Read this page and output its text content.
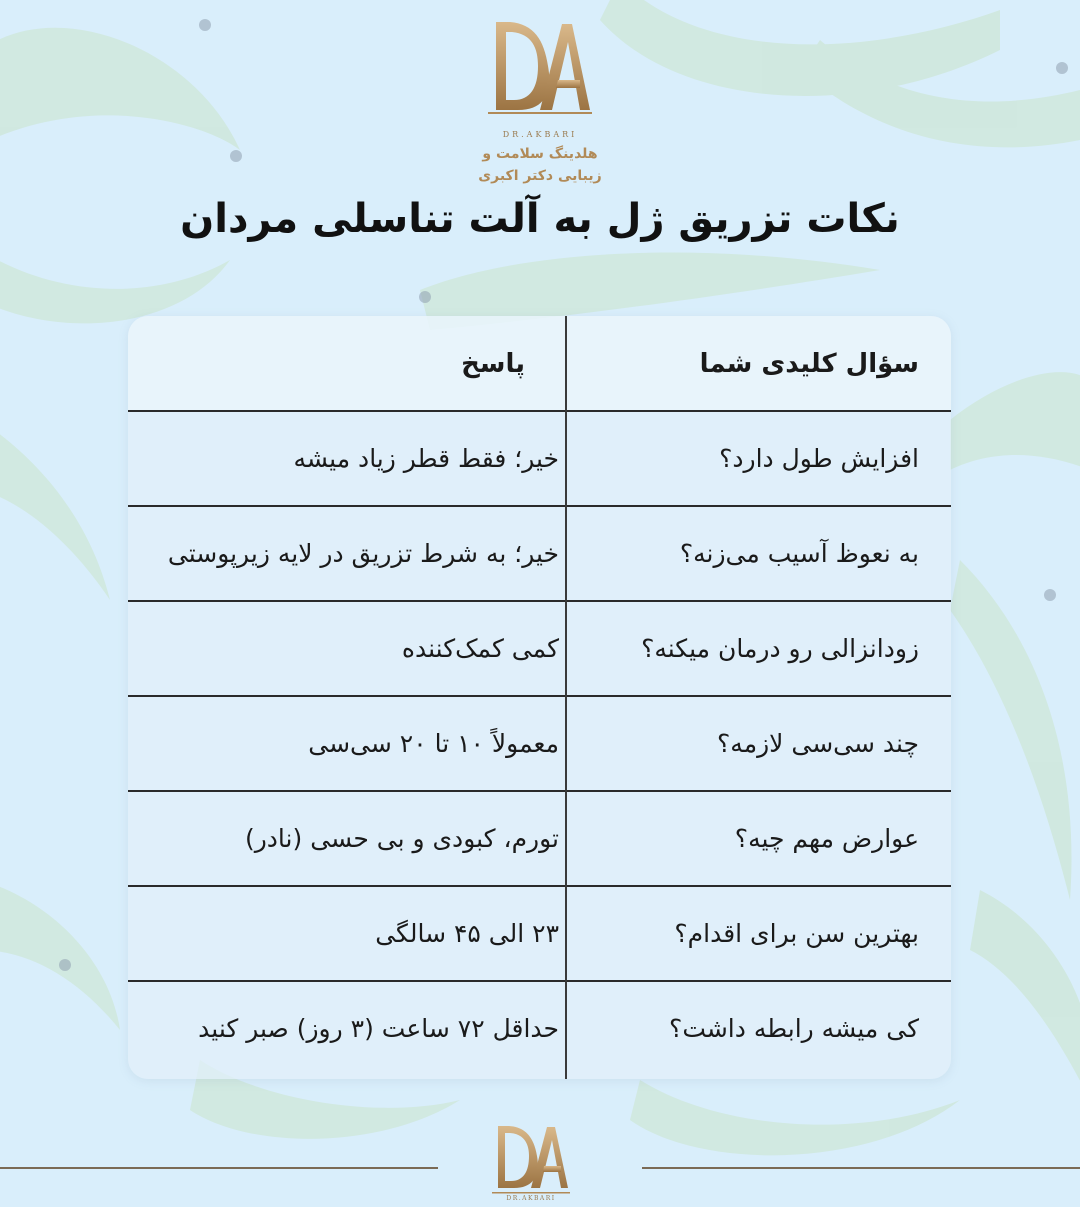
DR.AKBARI
هلدینگ سلامت و
زیبایی دکتر اکبری
نکات تزریق ژل به آلت تناسلی مردان
سؤال کلیدی شما
پاسخ
افزایش طول دارد؟
خیر؛ فقط قطر زیاد میشه
به نعوظ آسیب می‌زنه؟
خیر؛ به شرط تزریق در لایه زیرپوستی
زودانزالی رو درمان میکنه؟
کمی کمک‌کننده
چند سی‌سی لازمه؟
معمولاً ۱۰ تا ۲۰ سی‌سی
عوارض مهم چیه؟
تورم، کبودی و بی حسی (نادر)
بهترین سن برای اقدام؟
۲۳ الی ۴۵ سالگی
کی میشه رابطه داشت؟
حداقل ۷۲ ساعت (۳ روز) صبر کنید
DR.AKBARI
